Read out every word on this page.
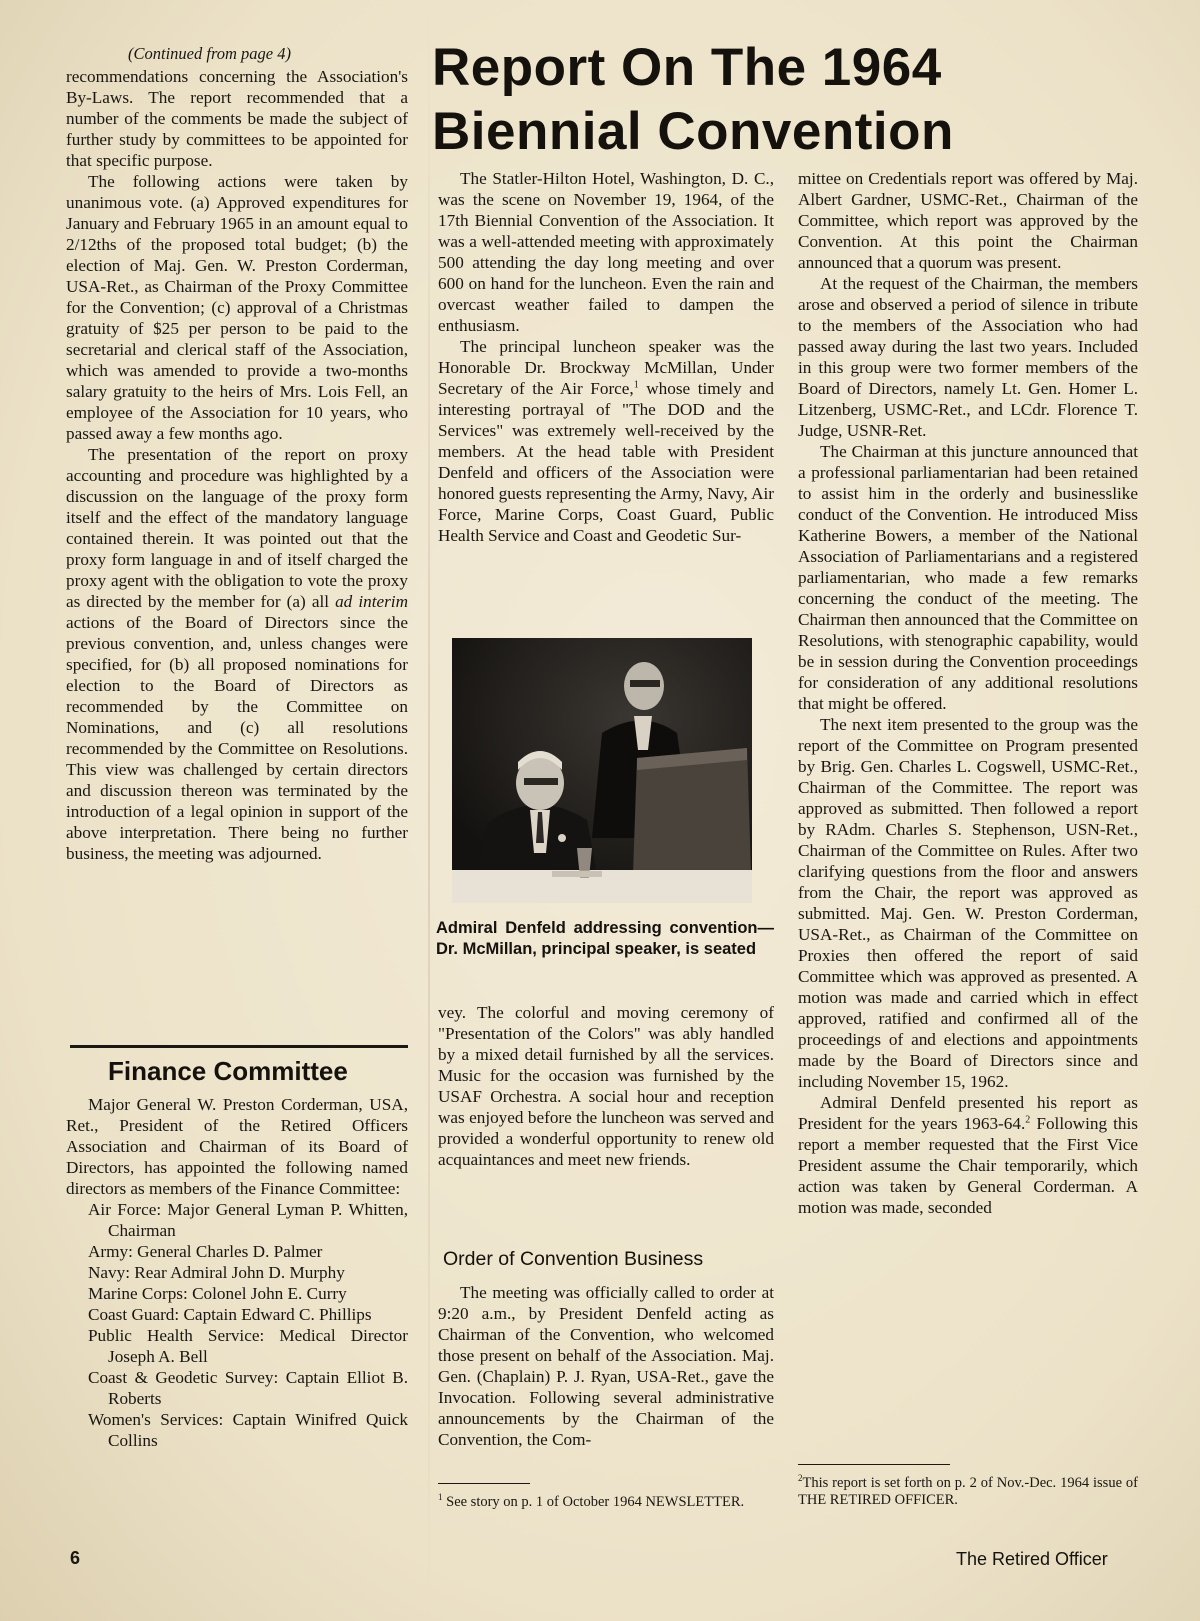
(Continued from page 4)	Report On The 1964
Biennial Convention

recommendations concerning the Association's By-Laws. The report recommended that a number of the comments be made the subject of further study by committees to be appointed for that specific purpose.

The following actions were taken by unanimous vote. (a) Approved expenditures for January and February 1965 in an amount equal to 2/12ths of the proposed total budget; (b) the election of Maj. Gen. W. Preston Corderman, USA-Ret., as Chairman of the Proxy Committee for the Convention; (c) approval of a Christmas gratuity of $25 per person to be paid to the secretarial and clerical staff of the Association, which was amended to provide a two-months salary gratuity to the heirs of Mrs. Lois Fell, an employee of the Association for 10 years, who passed away a few months ago.

The presentation of the report on proxy accounting and procedure was highlighted by a discussion on the language of the proxy form itself and the effect of the mandatory language contained therein. It was pointed out that the proxy form language in and of itself charged the proxy agent with the obligation to vote the proxy as directed by the member for (a) all ad interim actions of the Board of Directors since the previous convention, and, unless changes were specified, for (b) all proposed nominations for election to the Board of Directors as recommended by the Committee on Nominations, and (c) all resolutions recommended by the Committee on Resolutions. This view was challenged by certain directors and discussion thereon was terminated by the introduction of a legal opinion in support of the above interpretation. There being no further business, the meeting was adjourned.

Finance Committee

Major General W. Preston Corderman, USA, Ret., President of the Retired Officers Association and Chairman of its Board of Directors, has appointed the following named directors as members of the Finance Committee:

Air Force: Major General Lyman P. Whitten, Chairman
Army: General Charles D. Palmer
Navy: Rear Admiral John D. Murphy
Marine Corps: Colonel John E. Curry
Coast Guard: Captain Edward C. Phillips
Public Health Service: Medical Director Joseph A. Bell
Coast & Geodetic Survey: Captain Elliot B. Roberts
Women's Services: Captain Winifred Quick Collins

The Statler-Hilton Hotel, Washington, D. C., was the scene on November 19, 1964, of the 17th Biennial Convention of the Association. It was a well-attended meeting with approximately 500 attending the day long meeting and over 600 on hand for the luncheon. Even the rain and overcast weather failed to dampen the enthusiasm.

The principal luncheon speaker was the Honorable Dr. Brockway McMillan, Under Secretary of the Air Force,$^1$ whose timely and interesting portrayal of "The DOD and the Services" was extremely well-received by the members. At the head table with President Denfeld and officers of the Association were honored guests representing the Army, Navy, Air Force, Marine Corps, Coast Guard, Public Health Service and Coast and Geodetic Sur-

Admiral Denfeld addressing convention—Dr. McMillan, principal speaker, is seated

vey. The colorful and moving ceremony of "Presentation of the Colors" was ably handled by a mixed detail furnished by all the services. Music for the occasion was furnished by the USAF Orchestra. A social hour and reception was enjoyed before the luncheon was served and provided a wonderful opportunity to renew old acquaintances and meet new friends.

Order of Convention Business

The meeting was officially called to order at 9:20 a.m., by President Denfeld acting as Chairman of the Convention, who welcomed those present on behalf of the Association. Maj. Gen. (Chaplain) P. J. Ryan, USA-Ret., gave the Invocation. Following several administrative announcements by the Chairman of the Convention, the Com-

$^1$ See story on p. 1 of October 1964 NEWSLETTER.

mittee on Credentials report was offered by Maj. Albert Gardner, USMC-Ret., Chairman of the Committee, which report was approved by the Convention. At this point the Chairman announced that a quorum was present.

At the request of the Chairman, the members arose and observed a period of silence in tribute to the members of the Association who had passed away during the last two years. Included in this group were two former members of the Board of Directors, namely Lt. Gen. Homer L. Litzenberg, USMC-Ret., and LCdr. Florence T. Judge, USNR-Ret.

The Chairman at this juncture announced that a professional parliamentarian had been retained to assist him in the orderly and businesslike conduct of the Convention. He introduced Miss Katherine Bowers, a member of the National Association of Parliamentarians and a registered parliamentarian, who made a few remarks concerning the conduct of the meeting. The Chairman then announced that the Committee on Resolutions, with stenographic capability, would be in session during the Convention proceedings for consideration of any additional resolutions that might be offered.

The next item presented to the group was the report of the Committee on Program presented by Brig. Gen. Charles L. Cogswell, USMC-Ret., Chairman of the Committee. The report was approved as submitted. Then followed a report by RAdm. Charles S. Stephenson, USN-Ret., Chairman of the Committee on Rules. After two clarifying questions from the floor and answers from the Chair, the report was approved as submitted. Maj. Gen. W. Preston Corderman, USA-Ret., as Chairman of the Committee on Proxies then offered the report of said Committee which was approved as presented. A motion was made and carried which in effect approved, ratified and confirmed all of the proceedings of and elections and appointments made by the Board of Directors since and including November 15, 1962.

Admiral Denfeld presented his report as President for the years 1963-64.$^2$ Following this report a member requested that the First Vice President assume the Chair temporarily, which action was taken by General Corderman. A motion was made, seconded

$^2$This report is set forth on p. 2 of Nov.-Dec. 1964 issue of THE RETIRED OFFICER.
6	The Retired Officer
